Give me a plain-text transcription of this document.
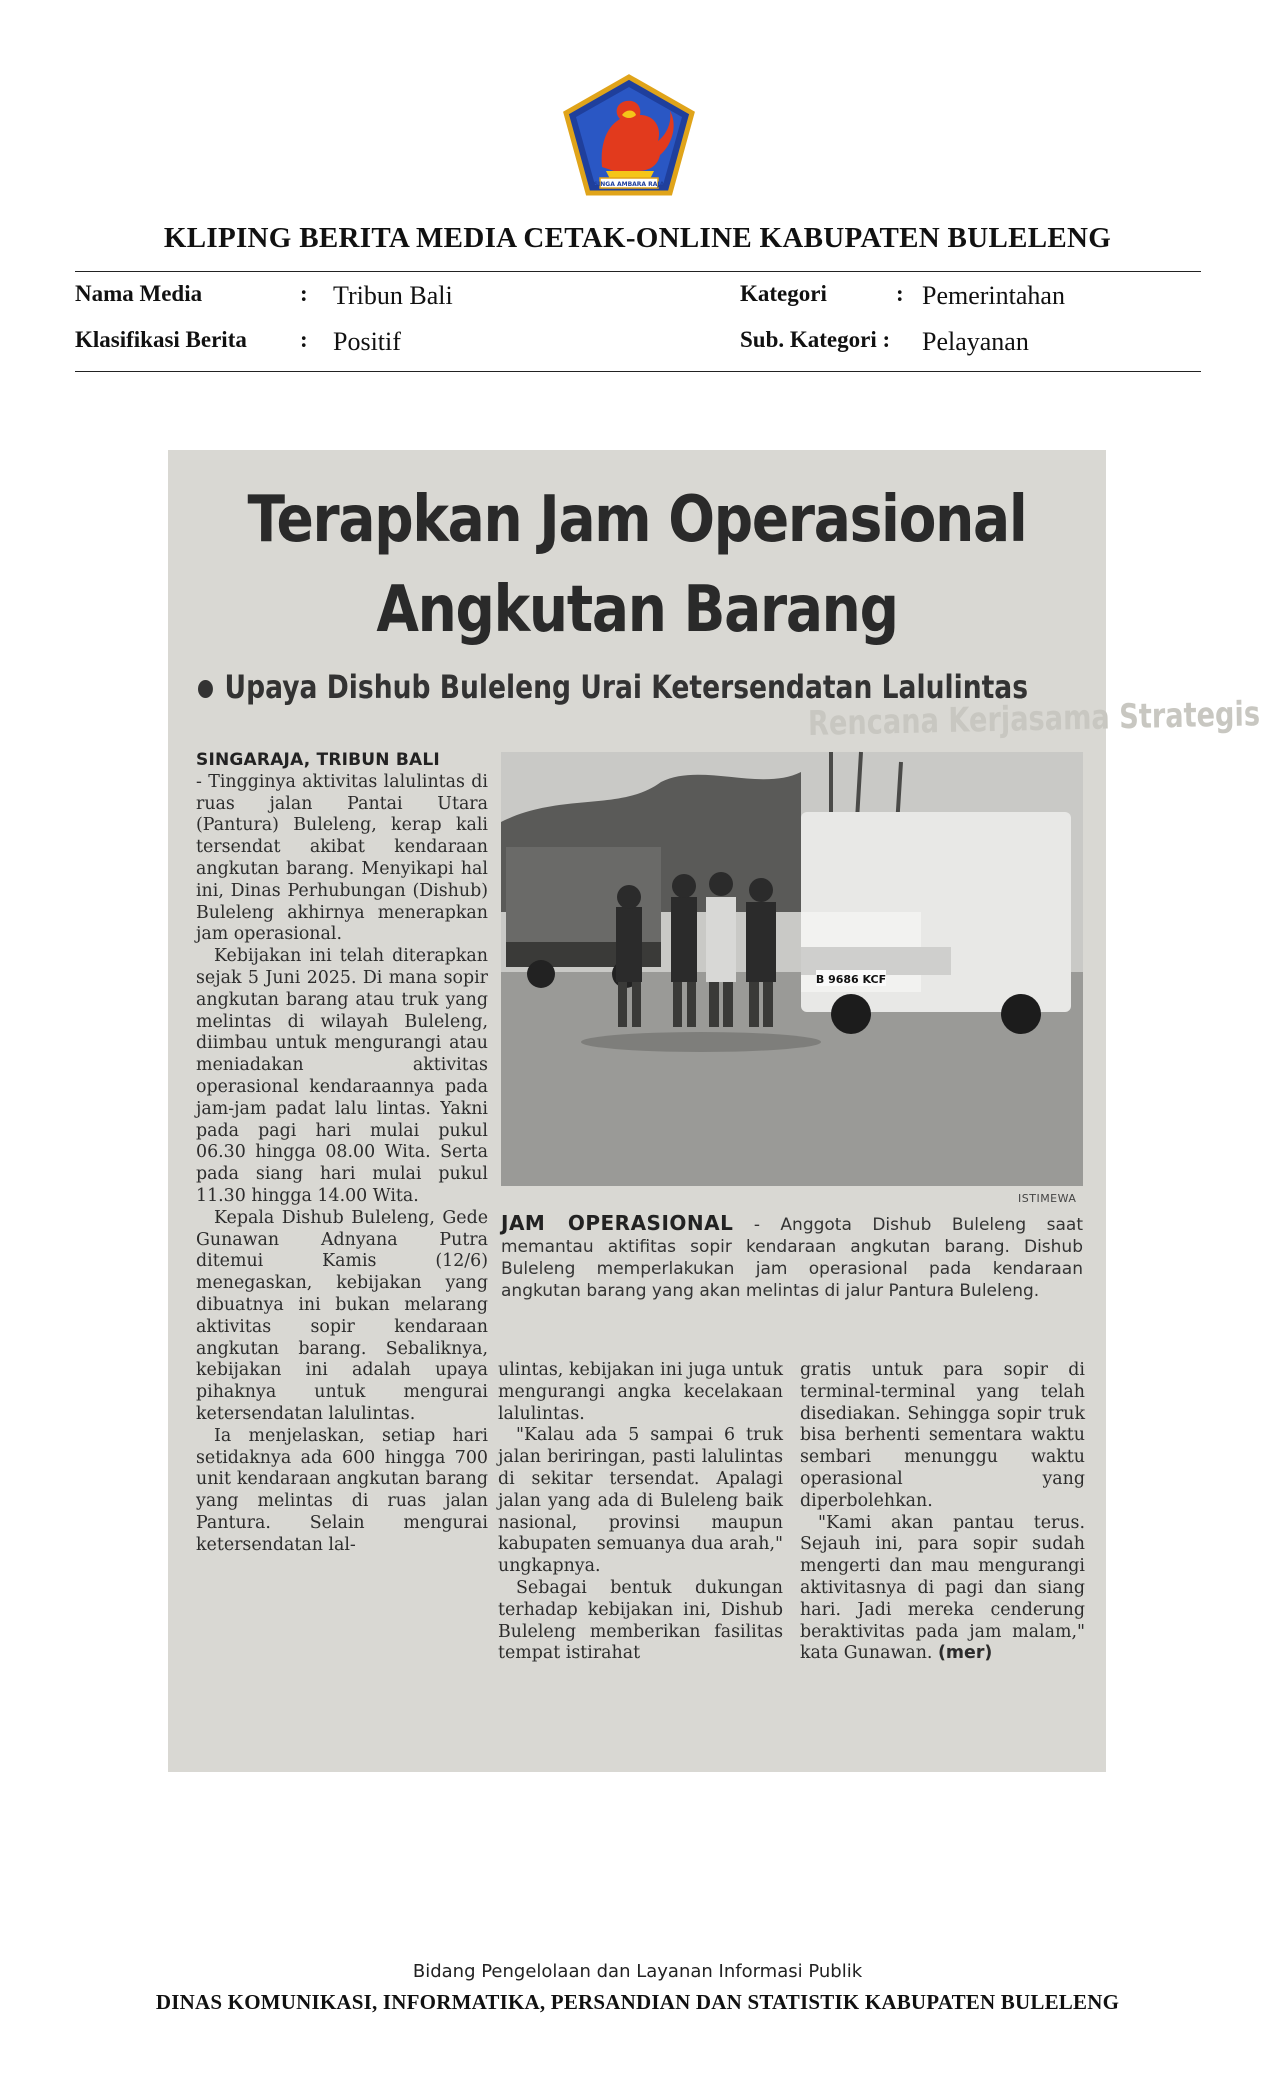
SINGA AMBARA RAJA
KLIPING BERITA MEDIA CETAK-ONLINE KABUPATEN BULELENG
Nama Media	: Tribun Bali
Klasifikasi Berita : Positif
Kategori	: Pemerintahan
Sub. Kategori : Pelayanan
Terapkan Jam Operasional
Angkutan Barang
Upaya Dishub Buleleng Urai Ketersendatan Lalulintas
Rencana Kerjasama Strategis

SINGARAJA, TRIBUN BALI

- Tingginya aktivitas lalulintas di ruas jalan Pantai Utara (Pantura) Buleleng, kerap kali tersendat akibat kendaraan angkutan barang. Menyikapi hal ini, Dinas Perhubungan (Dishub) Buleleng akhirnya menerapkan jam operasional.

Kebijakan ini telah diterapkan sejak 5 Juni 2025. Di mana sopir angkutan barang atau truk yang melintas di wilayah Buleleng, diimbau untuk mengurangi atau meniadakan aktivitas operasional kendaraannya pada jam-jam padat lalu lintas. Yakni pada pagi hari mulai pukul 06.30 hingga 08.00 Wita. Serta pada siang hari mulai pukul 11.30 hingga 14.00 Wita.

Kepala Dishub Buleleng, Gede Gunawan Adnyana Putra ditemui Kamis (12/6) menegaskan, kebijakan yang dibuatnya ini bukan melarang aktivitas sopir kendaraan angkutan barang. Sebaliknya, kebijakan ini adalah upaya pihaknya untuk mengurai ketersendatan lalulintas.

Ia menjelaskan, setiap hari setidaknya ada 600 hingga 700 unit kendaraan angkutan barang yang melintas di ruas jalan Pantura. Selain mengurai ketersendatan lal-

B 9686 KCF
ISTIMEWA
JAM OPERASIONAL - Anggota Dishub Buleleng saat memantau aktifitas sopir kendaraan angkutan barang. Dishub Buleleng memperlakukan jam operasional pada kendaraan angkutan barang yang akan melintas di jalur Pantura Buleleng.

ulintas, kebijakan ini juga untuk mengurangi angka kecelakaan lalulintas.

"Kalau ada 5 sampai 6 truk jalan beriringan, pasti lalulintas di sekitar tersendat. Apalagi jalan yang ada di Buleleng baik nasional, provinsi maupun kabupaten semuanya dua arah," ungkapnya.

Sebagai bentuk dukungan terhadap kebijakan ini, Dishub Buleleng memberikan fasilitas tempat istirahat

gratis untuk para sopir di terminal-terminal yang telah disediakan. Sehingga sopir truk bisa berhenti sementara waktu sembari menunggu waktu operasional yang diperbolehkan.

"Kami akan pantau terus. Sejauh ini, para sopir sudah mengerti dan mau mengurangi aktivitasnya di pagi dan siang hari. Jadi mereka cenderung beraktivitas pada jam malam," kata Gunawan. (mer)

Bidang Pengelolaan dan Layanan Informasi Publik
DINAS KOMUNIKASI, INFORMATIKA, PERSANDIAN DAN STATISTIK KABUPATEN BULELENG
